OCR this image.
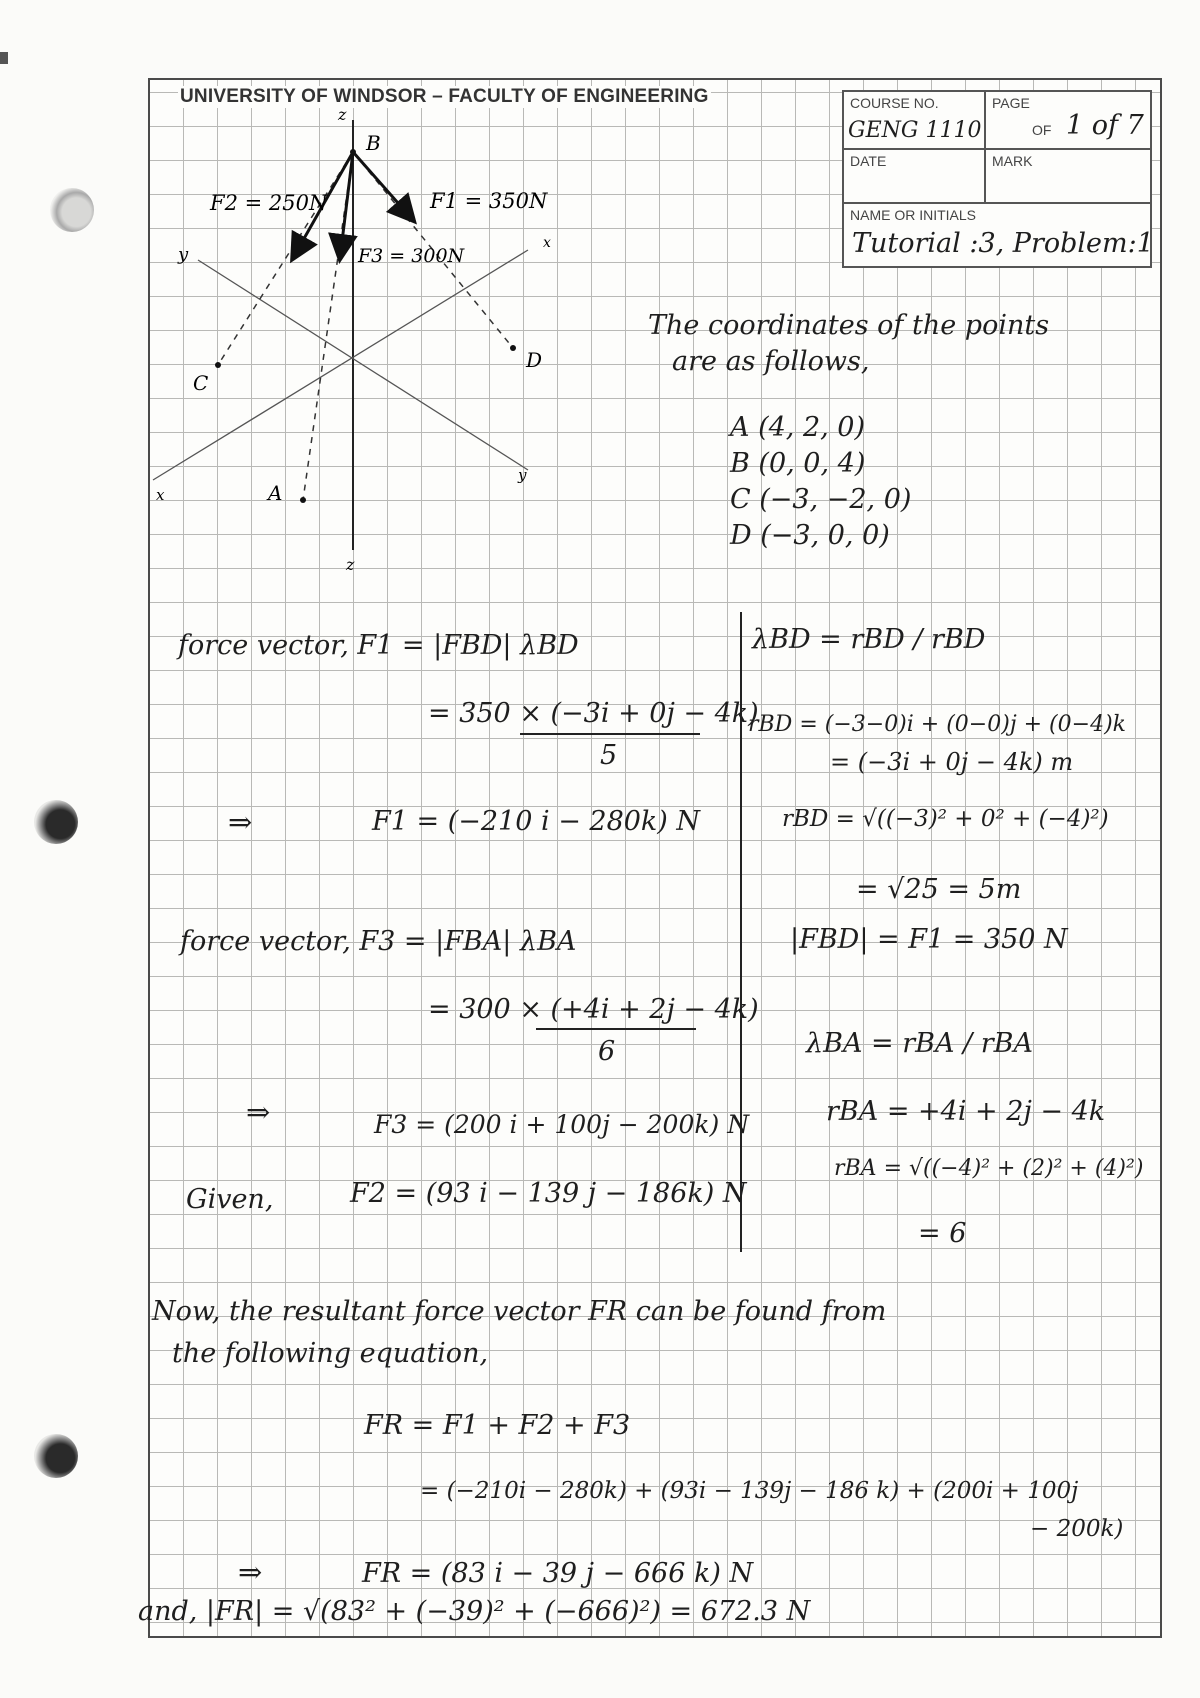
UNIVERSITY OF WINDSOR – FACULTY OF ENGINEERING	COURSE NO.
GENG 1110
PAGE
OF 1 of 7
DATE	MARK
NAME OR INITIALS
Tutorial :3, Problem:1
z
y
x
x
y
z
B
A
C
D
F2 = 250N	F1 = 350N
F3 = 300N
The coordinates of the points
are as follows,
A (4, 2, 0)
B (0, 0, 4)
C (−3, −2, 0)
D (−3, 0, 0)
force vector, F1 = |FBD| λBD
= 350 × (−3i + 0j − 4k)
5
⇒	F1 = (−210 i − 280k) N
force vector, F3 = |FBA| λBA
= 300 × (+4i + 2j − 4k)
6
⇒	F3 = (200 i + 100j − 200k) N
Given,	F2 = (93 i − 139 j − 186k) N
λBD = rBD / rBD
rBD = (−3−0)i + (0−0)j + (0−4)k
= (−3i + 0j − 4k) m
rBD = √((−3)² + 0² + (−4)²)
= √25 = 5m
|FBD| = F1 = 350 N
λBA = rBA / rBA
rBA = +4i + 2j − 4k
rBA = √((−4)² + (2)² + (4)²)
= 6
Now, the resultant force vector FR can be found from
the following equation,
FR = F1 + F2 + F3
= (−210i − 280k) + (93i − 139j − 186 k) + (200i + 100j
− 200k)
⇒	FR = (83 i − 39 j − 666 k) N
and, |FR| = √(83² + (−39)² + (−666)²) = 672.3 N
